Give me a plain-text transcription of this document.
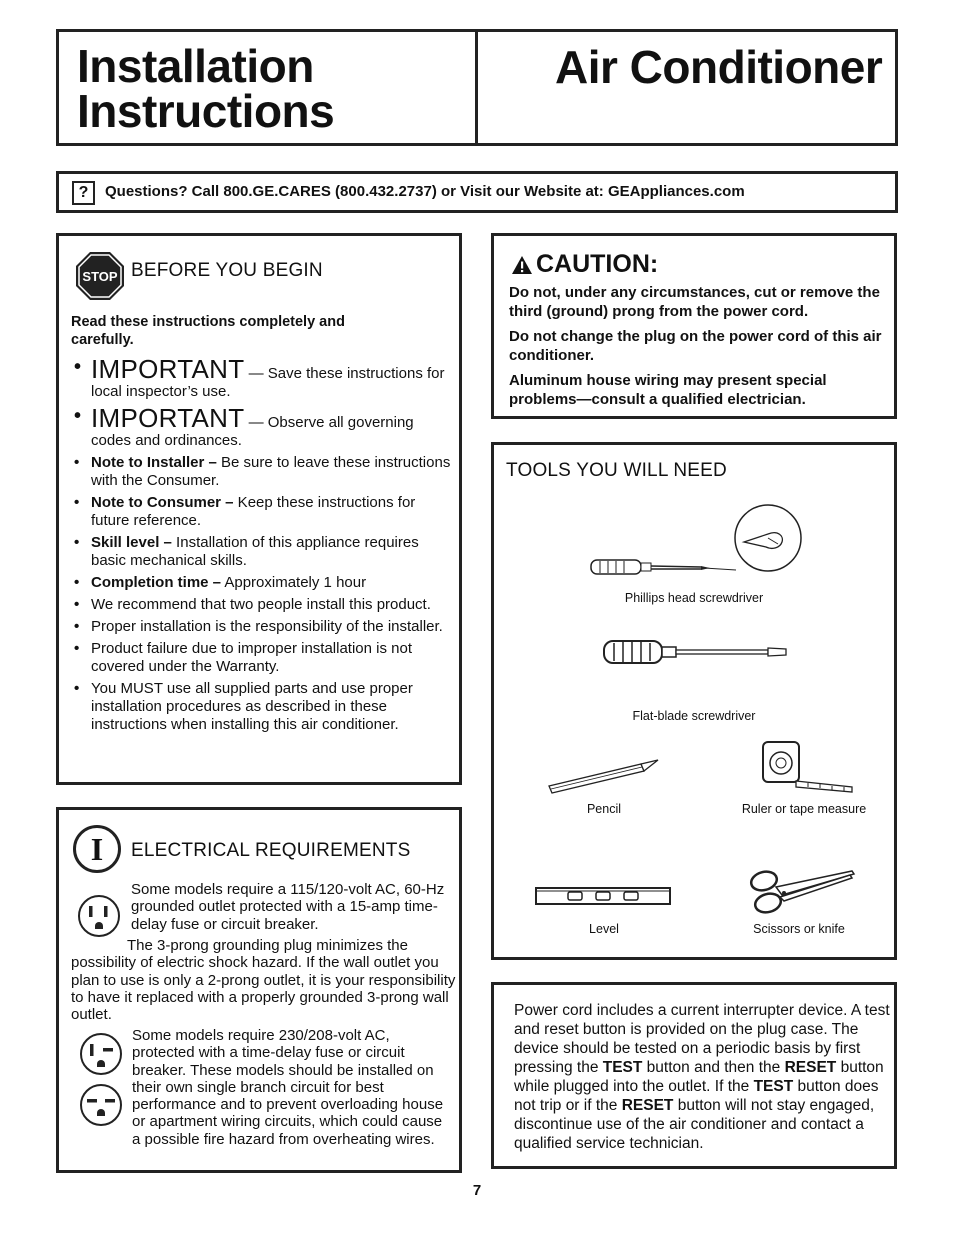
Installation
Instructions
Air Conditioner
?	Questions? Call 800.GE.CARES (800.432.2737) or Visit our Website at: GEAppliances.com
STOP BEFORE YOU BEGIN
Read these instructions completely and carefully.
• IMPORTANT — Save these instructions for local inspector’s use.
• IMPORTANT — Observe all governing codes and ordinances.
• Note to Installer – Be sure to leave these instructions with the Consumer.
• Note to Consumer – Keep these instructions for future reference.
• Skill level – Installation of this appliance requires basic mechanical skills.
• Completion time – Approximately 1 hour
• We recommend that two people install this product.
• Proper installation is the responsibility of the installer.
• Product failure due to improper installation is not covered under the Warranty.
• You MUST use all supplied parts and use proper installation procedures as described in these instructions when installing this air conditioner.
CAUTION:
Do not, under any circumstances, cut or remove the third (ground) prong from the power cord.
Do not change the plug on the power cord of this air conditioner.
Aluminum house wiring may present special problems—consult a qualified electrician.
TOOLS YOU WILL NEED
Phillips head screwdriver
Flat-blade screwdriver
Pencil	Ruler or tape measure
Level	Scissors or knife
I	ELECTRICAL REQUIREMENTS
Some models require a 115/120-volt AC, 60-Hz grounded outlet protected with a 15-amp time-delay fuse or circuit breaker.
The 3-prong grounding plug minimizes the possibility of electric shock hazard. If the wall outlet you plan to use is only a 2-prong outlet, it is your responsibility to have it replaced with a properly grounded 3-prong wall outlet.
Some models require 230/208-volt AC, protected with a time-delay fuse or circuit breaker. These models should be installed on their own single branch circuit for best performance and to prevent overloading house or apartment wiring circuits, which could cause a possible fire hazard from overheating wires.
Power cord includes a current interrupter device. A test and reset button is provided on the plug case. The device should be tested on a periodic basis by first pressing the TEST button and then the RESET button while plugged into the outlet. If the TEST button does not trip or if the RESET button will not stay engaged, discontinue use of the air conditioner and contact a qualified service technician.
7
